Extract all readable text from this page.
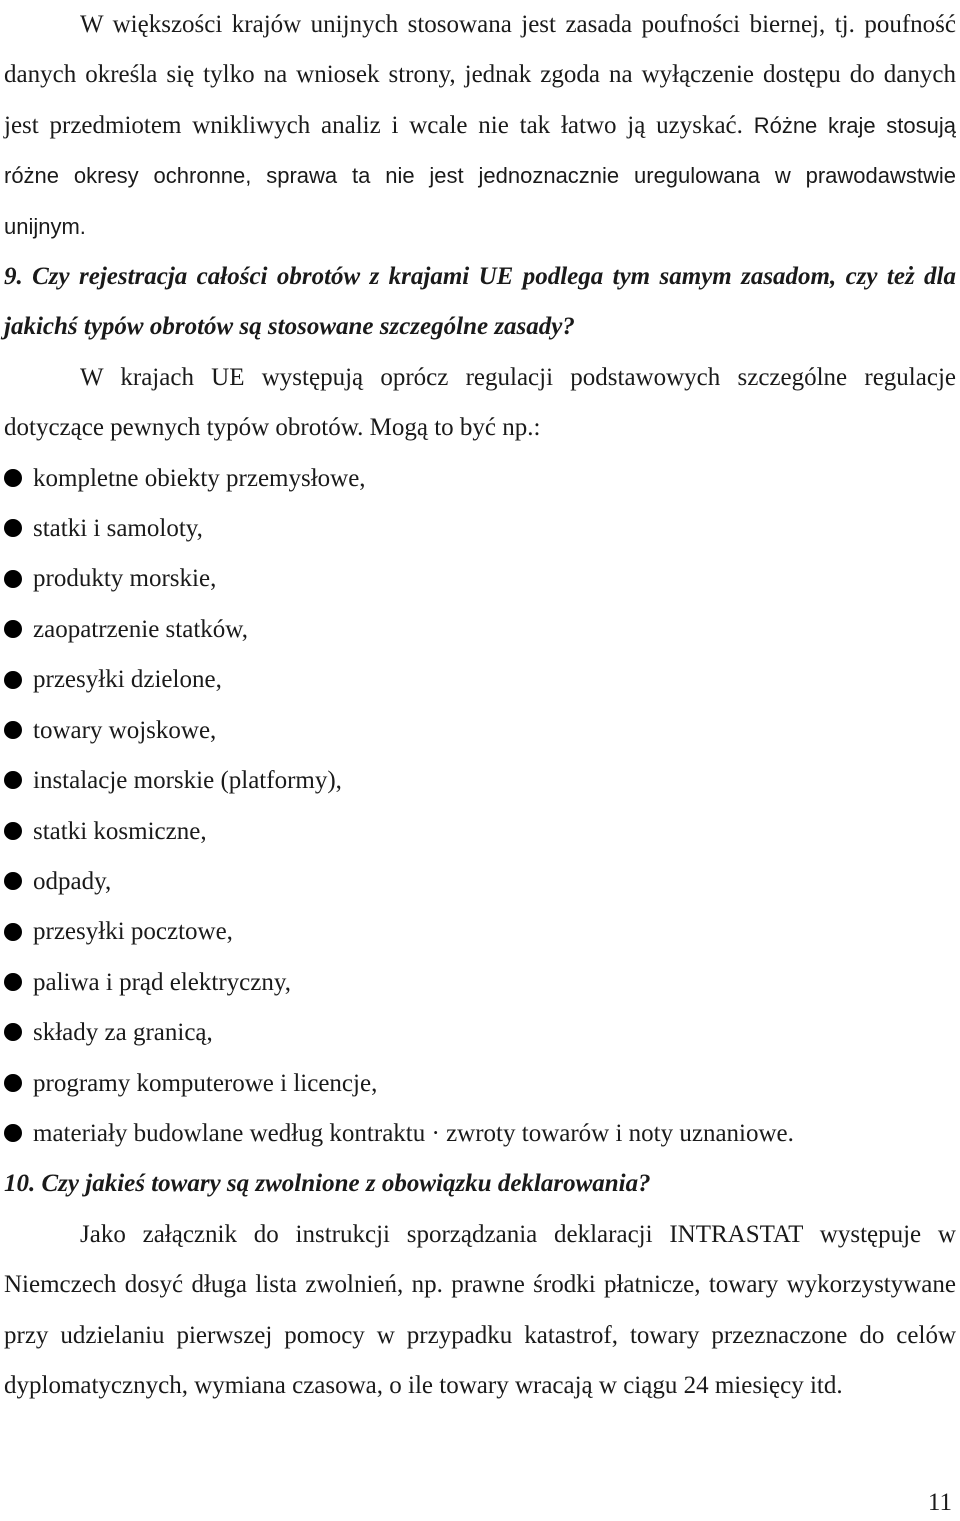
W większości krajów unijnych stosowana jest zasada poufności biernej, tj. poufność danych określa się tylko na wniosek strony, jednak zgoda na wyłączenie dostępu do danych jest przedmiotem wnikliwych analiz i wcale nie tak łatwo ją uzyskać. Różne kraje stosują różne okresy ochronne, sprawa ta nie jest jednoznacznie uregulowana w prawodawstwie unijnym.

9. Czy rejestracja całości obrotów z krajami UE podlega tym samym zasadom, czy też dla jakichś typów obrotów są stosowane szczególne zasady?

W krajach UE występują oprócz regulacji podstawowych szczególne regulacje dotyczące pewnych typów obrotów. Mogą to być np.:

kompletne obiekty przemysłowe,
statki i samoloty,
produkty morskie,
zaopatrzenie statków,
przesyłki dzielone,
towary wojskowe,
instalacje morskie (platformy),
statki kosmiczne,
odpady,
przesyłki pocztowe,
paliwa i prąd elektryczny,
składy za granicą,
programy komputerowe i licencje,
materiały budowlane według kontraktu · zwroty towarów i noty uznaniowe.

10. Czy jakieś towary są zwolnione z obowiązku deklarowania?

Jako załącznik do instrukcji sporządzania deklaracji INTRASTAT występuje w Niemczech dosyć długa lista zwolnień, np. prawne środki płatnicze, towary wykorzystywane przy udzielaniu pierwszej pomocy w przypadku katastrof, towary przeznaczone do celów dyplomatycznych, wymiana czasowa, o ile towary wracają w ciągu 24 miesięcy itd.

11
